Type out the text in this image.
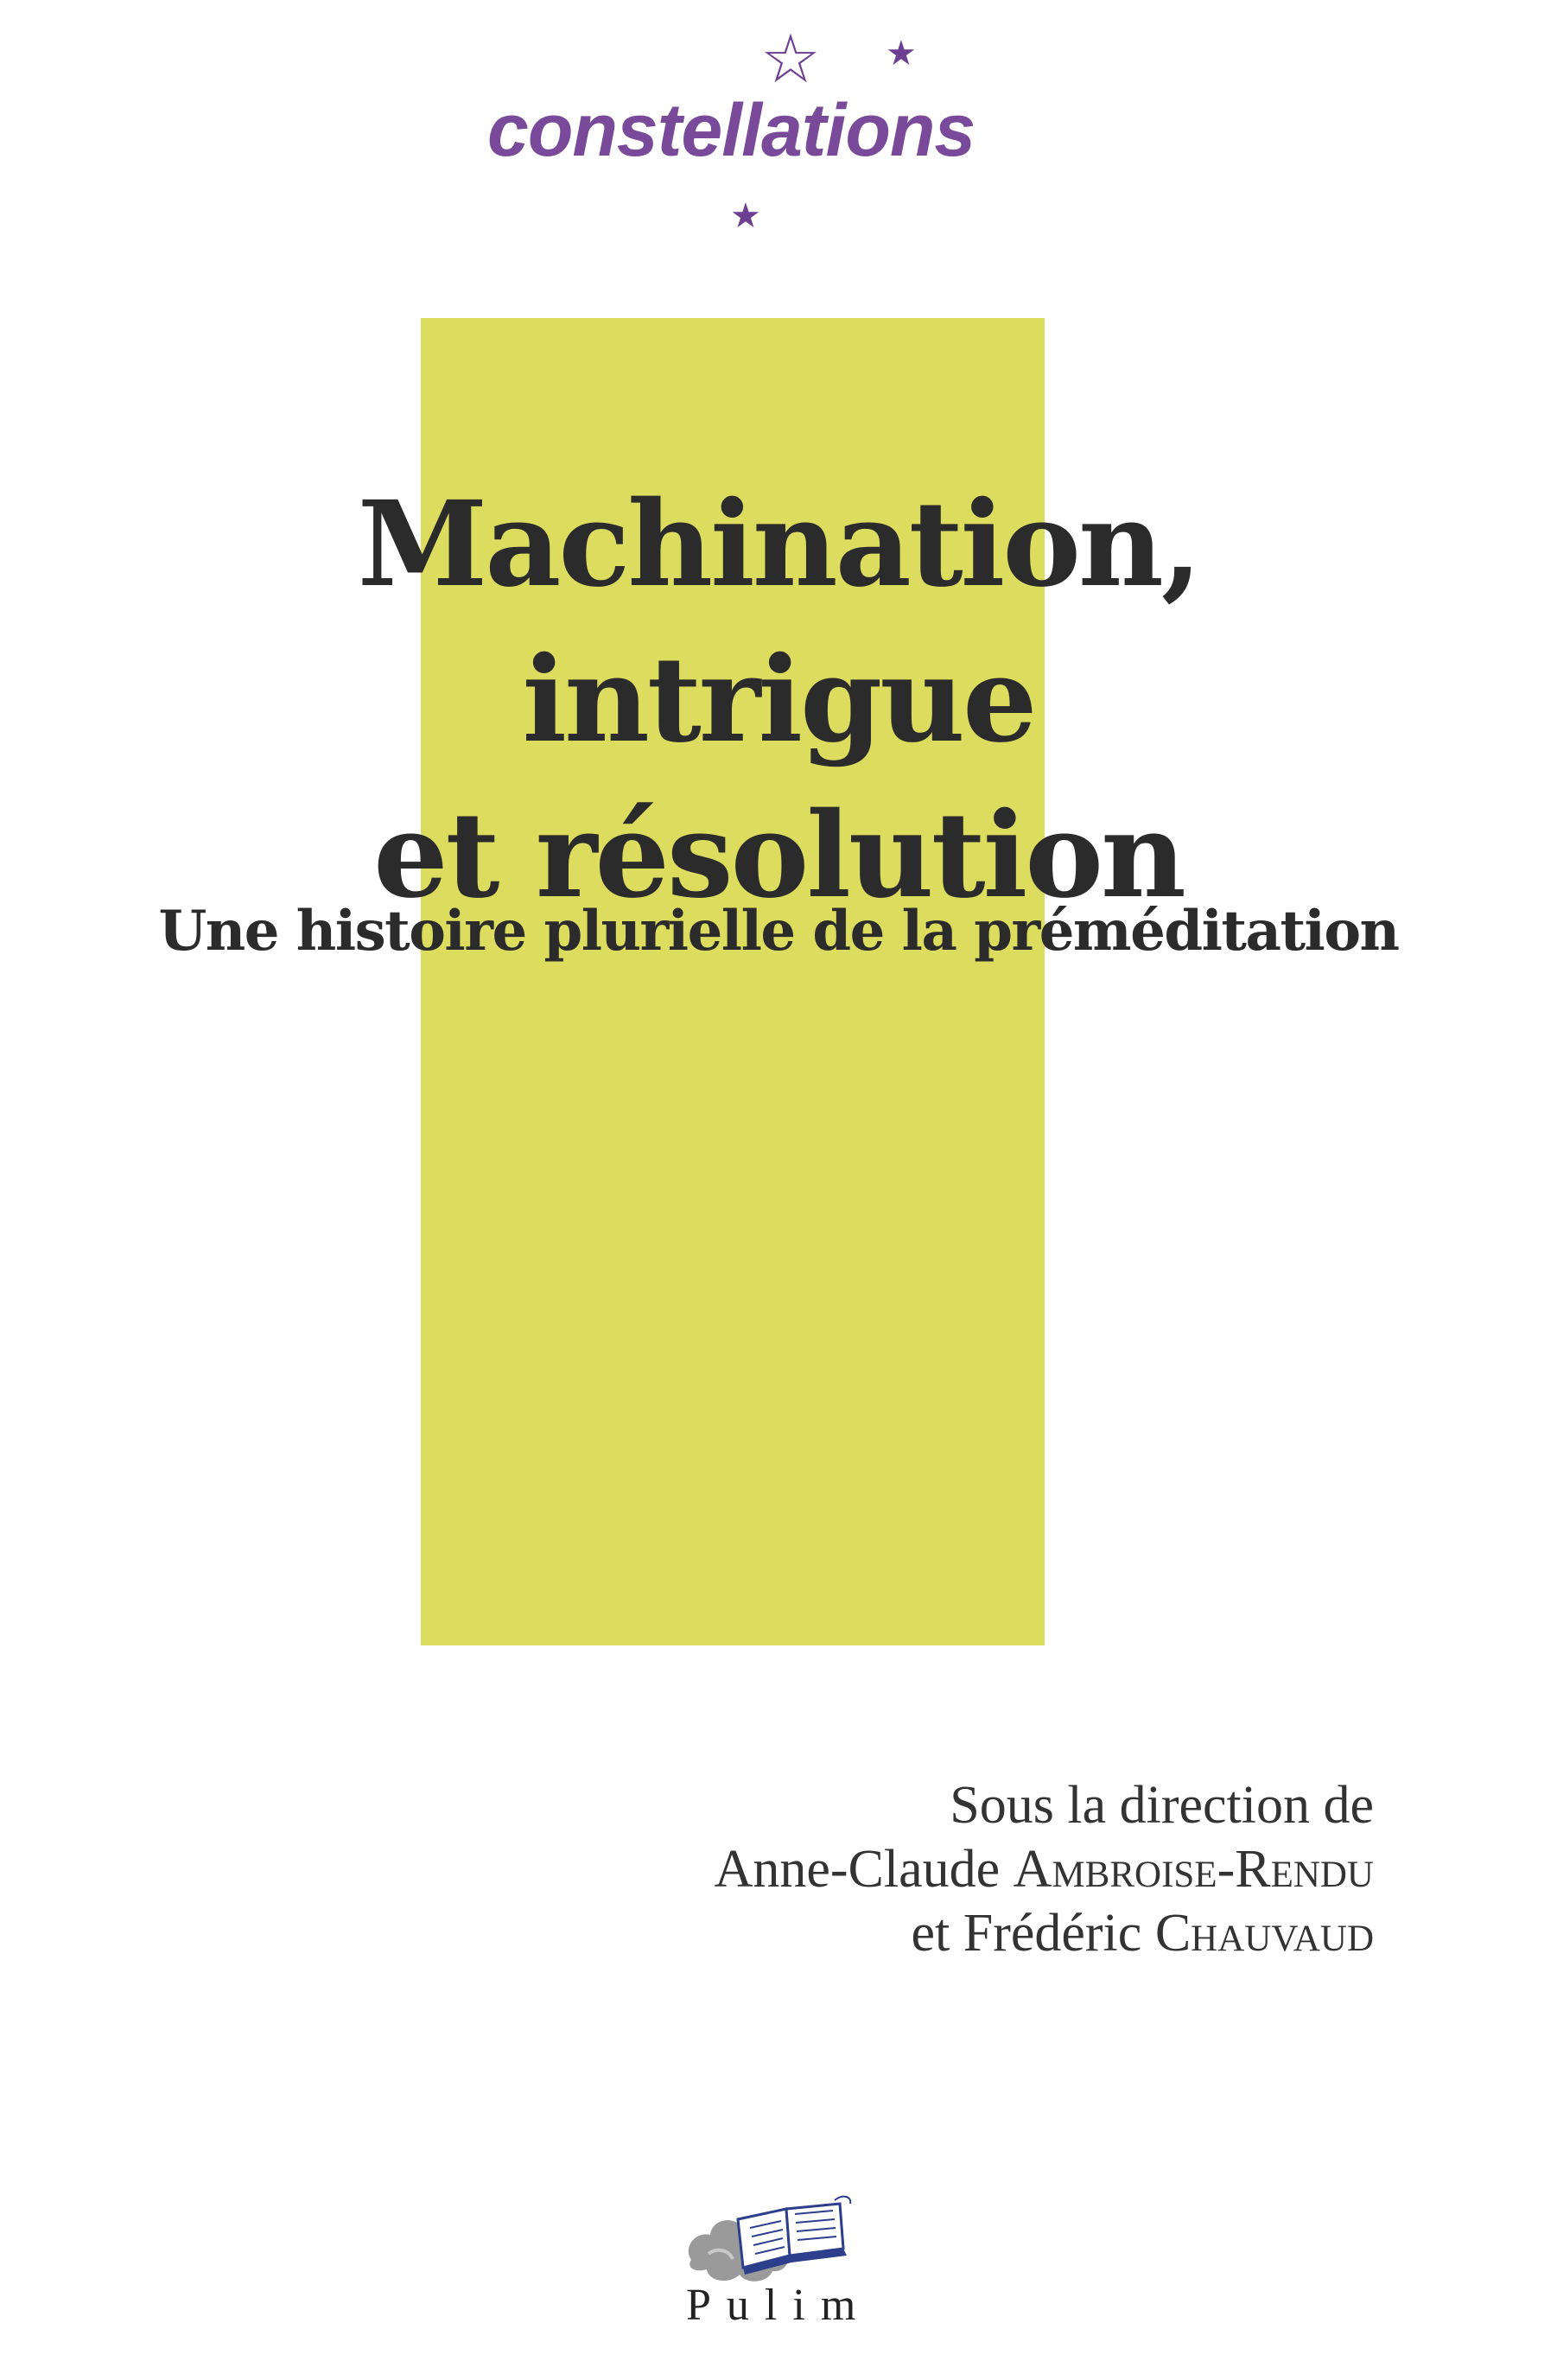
☆ ★
constellations
★
Machination, intrigue
et résolution
Une histoire plurielle de la préméditation
Sous la direction de
Anne-Claude Ambroise-Rendu
et Frédéric Chauvaud
Pulim
